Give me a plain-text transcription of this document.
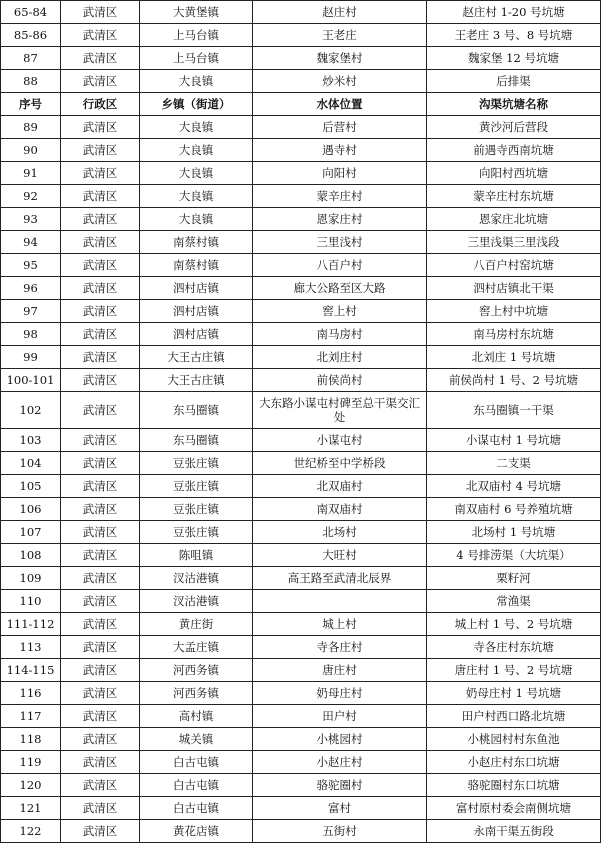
65-84	武清区	大黄堡镇	赵庄村	赵庄村 1-20 号坑塘
85-86	武清区	上马台镇	王老庄	王老庄 3 号、8 号坑塘
87	武清区	上马台镇	魏家堡村	魏家堡 12 号坑塘
88	武清区	大良镇	炒米村	后排渠
序号	行政区	乡镇（街道）	水体位置	沟渠坑塘名称
89	武清区	大良镇	后营村	黄沙河后营段
90	武清区	大良镇	遇寺村	前遇寺西南坑塘
91	武清区	大良镇	向阳村	向阳村西坑塘
92	武清区	大良镇	蒙辛庄村	蒙辛庄村东坑塘
93	武清区	大良镇	恩家庄村	恩家庄北坑塘
94	武清区	南蔡村镇	三里浅村	三里浅渠三里浅段
95	武清区	南蔡村镇	八百户村	八百户村窑坑塘
96	武清区	泗村店镇	廊大公路至区大路	泗村店镇北干渠
97	武清区	泗村店镇	窖上村	窖上村中坑塘
98	武清区	泗村店镇	南马房村	南马房村东坑塘
99	武清区	大王古庄镇	北刘庄村	北刘庄 1 号坑塘
100-101	武清区	大王古庄镇	前侯尚村	前侯尚村 1 号、2 号坑塘
102	武清区	东马圈镇	大东路小谋屯村碑至总干渠交汇处	东马圈镇一干渠
103	武清区	东马圈镇	小谋屯村	小谋屯村 1 号坑塘
104	武清区	豆张庄镇	世纪桥至中学桥段	二支渠
105	武清区	豆张庄镇	北双庙村	北双庙村 4 号坑塘
106	武清区	豆张庄镇	南双庙村	南双庙村 6 号养殖坑塘
107	武清区	豆张庄镇	北场村	北场村 1 号坑塘
108	武清区	陈咀镇	大旺村	4 号排涝渠（大坑渠）
109	武清区	汊沽港镇	高王路至武清北辰界	栗籽河
110	武清区	汊沽港镇		常渔渠
111-112	武清区	黄庄街	城上村	城上村 1 号、2 号坑塘
113	武清区	大孟庄镇	寺各庄村	寺各庄村东坑塘
114-115	武清区	河西务镇	唐庄村	唐庄村 1 号、2 号坑塘
116	武清区	河西务镇	奶母庄村	奶母庄村 1 号坑塘
117	武清区	高村镇	田户村	田户村西口路北坑塘
118	武清区	城关镇	小桃园村	小桃园村村东鱼池
119	武清区	白古屯镇	小赵庄村	小赵庄村东口坑塘
120	武清区	白古屯镇	骆驼圈村	骆驼圈村东口坑塘
121	武清区	白古屯镇	富村	富村原村委会南侧坑塘
122	武清区	黄花店镇	五街村	永南干渠五街段
